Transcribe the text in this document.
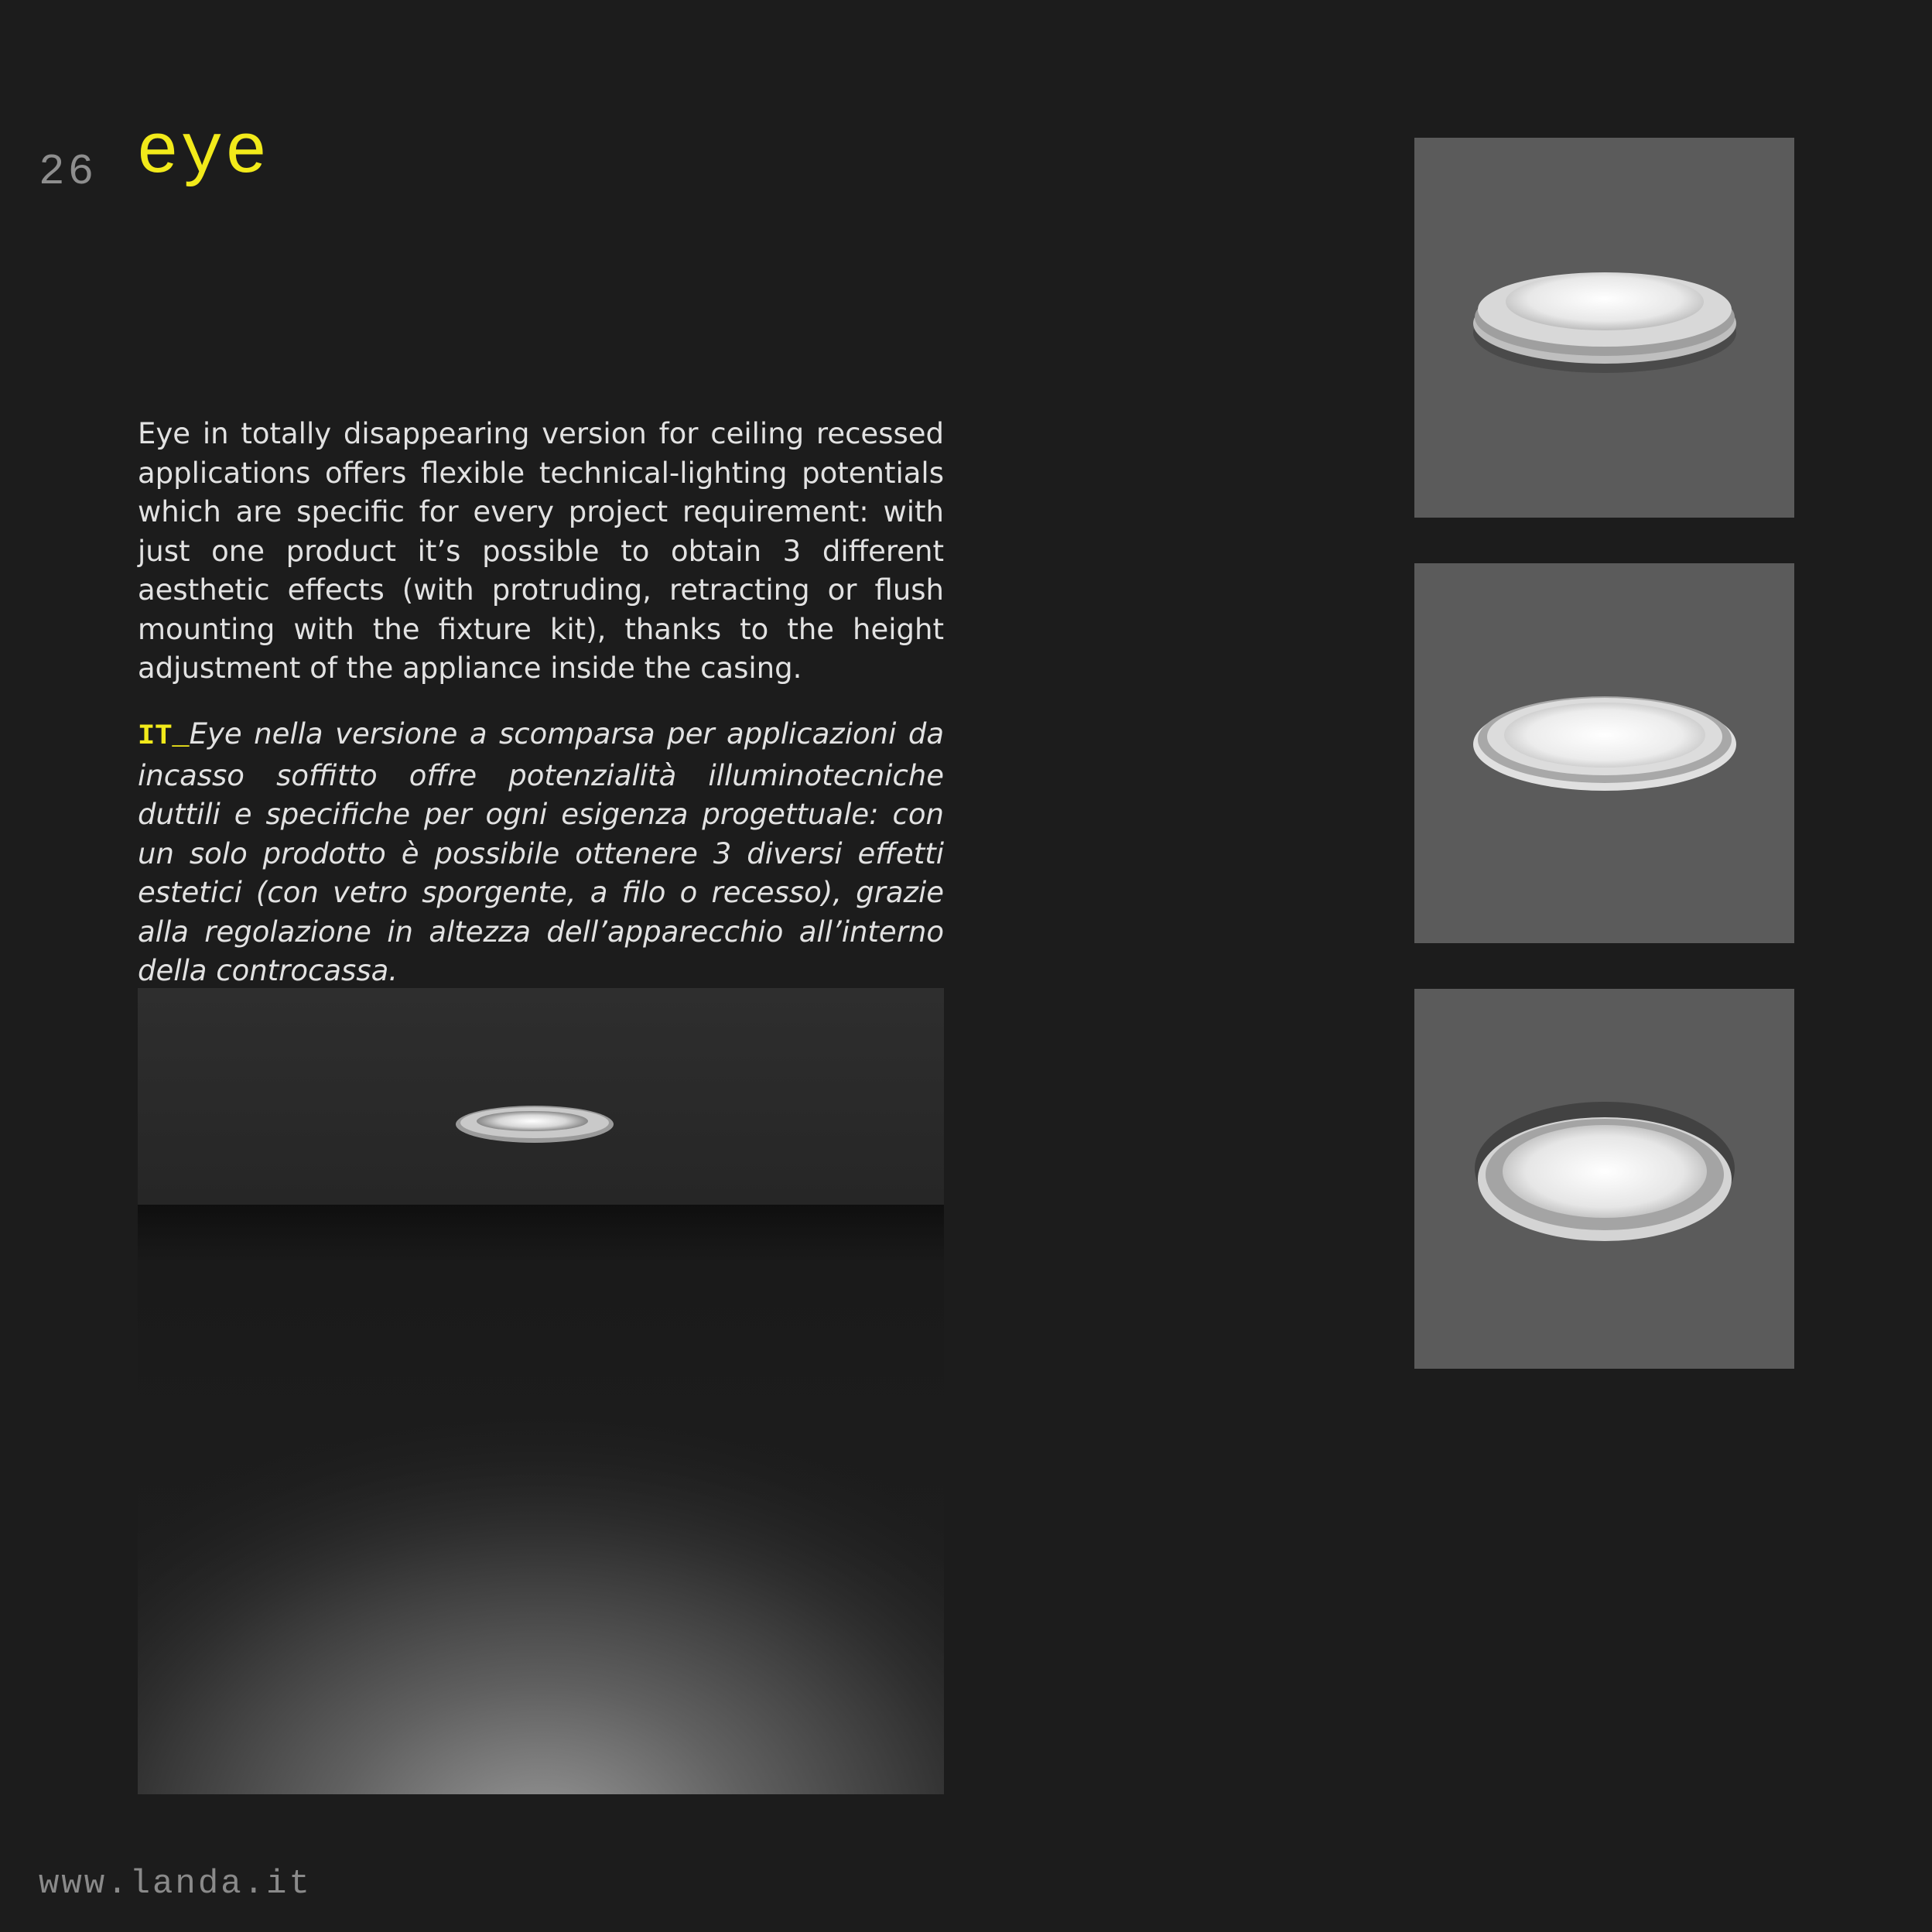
26 eye

Eye in totally disappearing version for ceiling recessed applications offers flexible technical-lighting potentials which are specific for every project requirement: with just one product it’s possible to obtain 3 different aesthetic effects (with protruding, retracting or flush mounting with the fixture kit), thanks to the height adjustment of the appliance inside the casing.

IT_Eye nella versione a scomparsa per applicazioni da incasso soffitto offre potenzialità illuminotecniche duttili e specifiche per ogni esigenza progettuale: con un solo prodotto è possibile ottenere 3 diversi effetti estetici (con vetro sporgente, a filo o recesso), grazie alla regolazione in altezza dell’apparecchio all’interno della controcassa.

www.landa.it
